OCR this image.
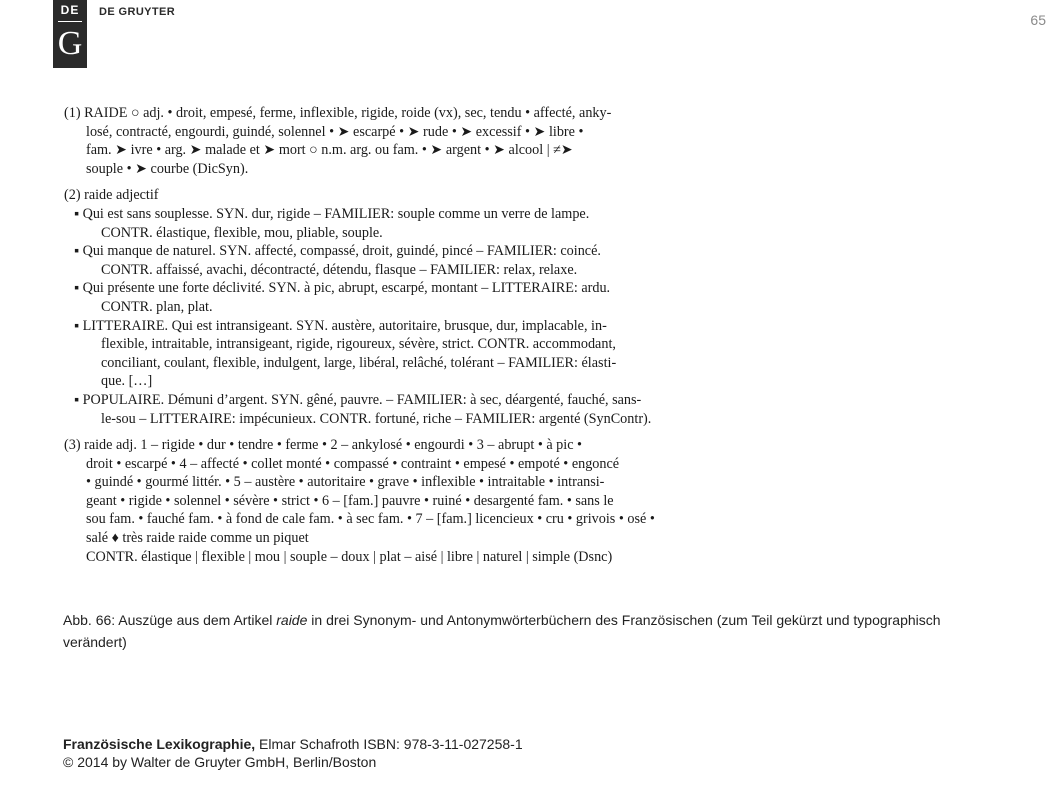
DE
G
DE GRUYTER	65

(1) RAIDE ○ adj. • droit, empesé, ferme, inflexible, rigide, roide (vx), sec, tendu • affecté, anky-
losé, contracté, engourdi, guindé, solennel • ➤ escarpé • ➤ rude • ➤ excessif • ➤ libre •
fam. ➤ ivre • arg. ➤ malade et ➤ mort ○ n.m. arg. ou fam. • ➤ argent • ➤ alcool | ≠➤
souple • ➤ courbe (DicSyn).

(2) raide adjectif
▪ Qui est sans souplesse. SYN. dur, rigide – FAMILIER: souple comme un verre de lampe.
CONTR. élastique, flexible, mou, pliable, souple.
▪ Qui manque de naturel. SYN. affecté, compassé, droit, guindé, pincé – FAMILIER: coincé.
CONTR. affaissé, avachi, décontracté, détendu, flasque – FAMILIER: relax, relaxe.
▪ Qui présente une forte déclivité. SYN. à pic, abrupt, escarpé, montant – LITTERAIRE: ardu.
CONTR. plan, plat.
▪ LITTERAIRE. Qui est intransigeant. SYN. austère, autoritaire, brusque, dur, implacable, in-
flexible, intraitable, intransigeant, rigide, rigoureux, sévère, strict. CONTR. accommodant,
conciliant, coulant, flexible, indulgent, large, libéral, relâché, tolérant – FAMILIER: élasti-
que. […]
▪ POPULAIRE. Démuni d’argent. SYN. gêné, pauvre. – FAMILIER: à sec, déargenté, fauché, sans-
le-sou – LITTERAIRE: impécunieux. CONTR. fortuné, riche – FAMILIER: argenté (SynContr).

(3) raide adj. 1 – rigide • dur • tendre • ferme • 2 – ankylosé • engourdi • 3 – abrupt • à pic •
droit • escarpé • 4 – affecté • collet monté • compassé • contraint • empesé • empoté • engoncé
• guindé • gourmé littér. • 5 – austère • autoritaire • grave • inflexible • intraitable • intransi-
geant • rigide • solennel • sévère • strict • 6 – [fam.] pauvre • ruiné • desargenté fam. • sans le
sou fam. • fauché fam. • à fond de cale fam. • à sec fam. • 7 – [fam.] licencieux • cru • grivois • osé •
salé ♦ très raide raide comme un piquet
CONTR. élastique | flexible | mou | souple – doux | plat – aisé | libre | naturel | simple (Dsnc)

Abb. 66: Auszüge aus dem Artikel raide in drei Synonym- und Antonymwörterbüchern des Französischen (zum Teil gekürzt und typographisch verändert)
Französische Lexikographie, Elmar Schafroth ISBN: 978-3-11-027258-1
© 2014 by Walter de Gruyter GmbH, Berlin/Boston
